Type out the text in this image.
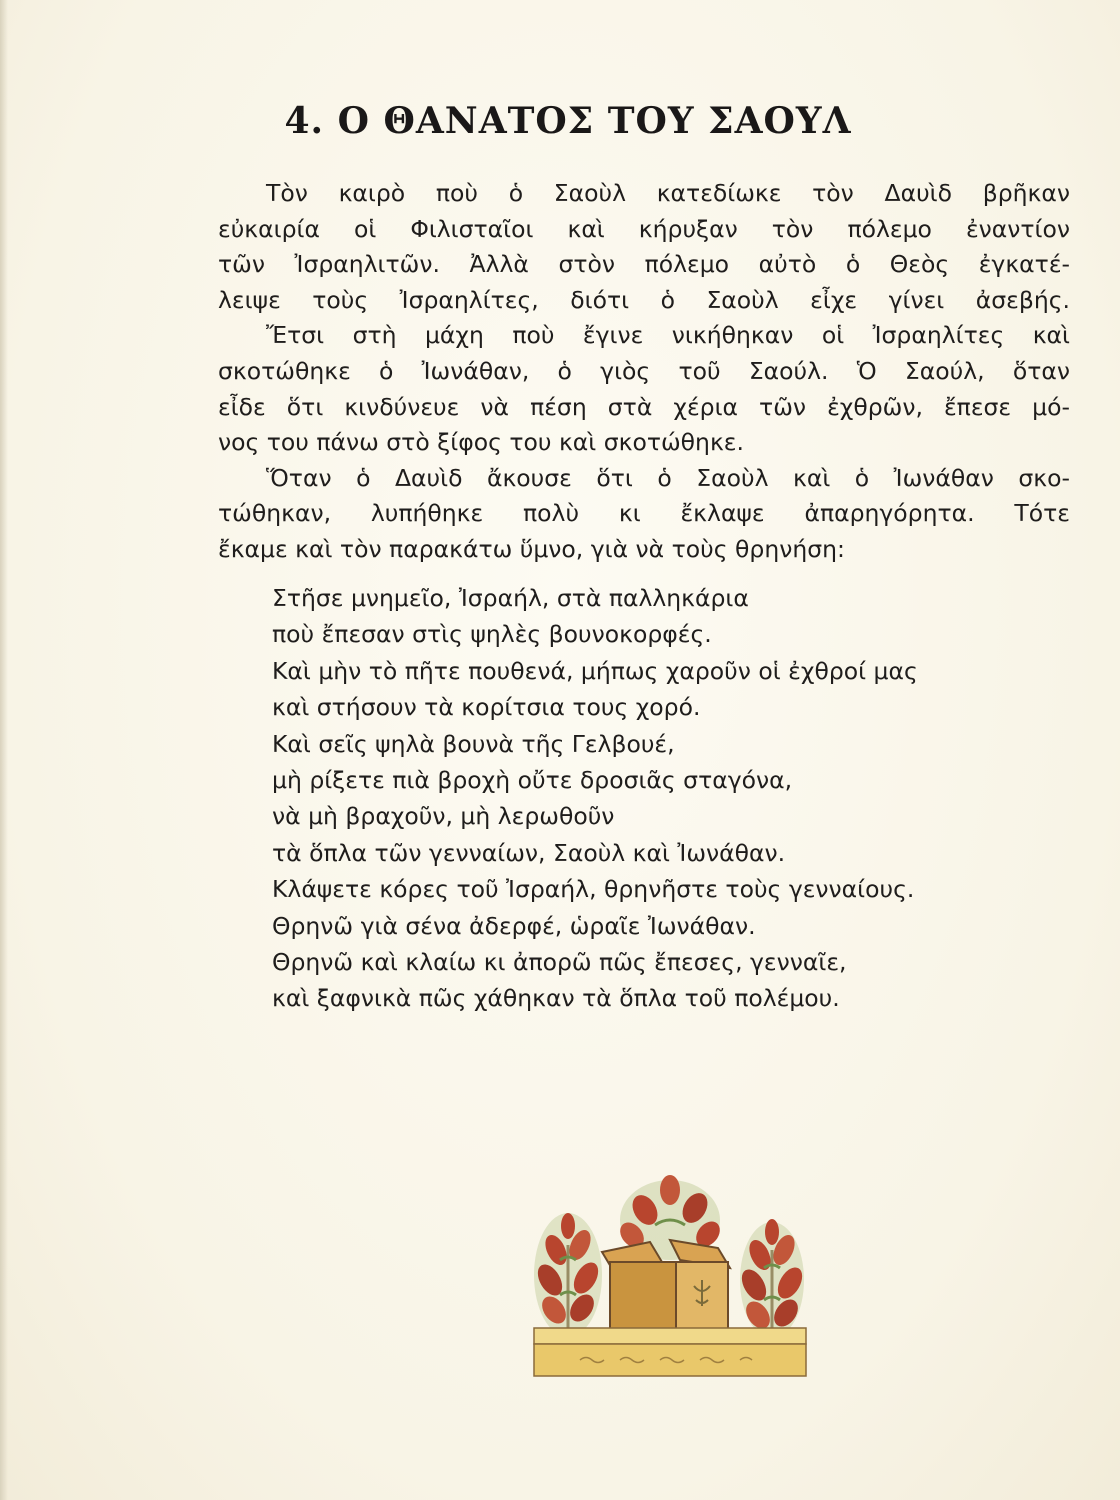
4. Ο ΘΑΝΑΤΟΣ ΤΟΥ ΣΑΟΥΛ
Τὸν καιρὸ ποὺ ὁ Σαοὺλ κατεδίωκε τὸν Δαυὶδ βρῆκαν
εὐκαιρία οἱ Φιλισταῖοι καὶ κήρυξαν τὸν πόλεμο ἐναντίον
τῶν Ἰσραηλιτῶν. Ἀλλὰ στὸν πόλεμο αὐτὸ ὁ Θεὸς ἐγκατέ-
λειψε τοὺς Ἰσραηλίτες, διότι ὁ Σαοὺλ εἶχε γίνει ἀσεβής.
Ἔτσι στὴ μάχη ποὺ ἔγινε νικήθηκαν οἱ Ἰσραηλίτες καὶ
σκοτώθηκε ὁ Ἰωνάθαν, ὁ γιὸς τοῦ Σαούλ. Ὁ Σαούλ, ὅταν
εἶδε ὅτι κινδύνευε νὰ πέση στὰ χέρια τῶν ἐχθρῶν, ἔπεσε μό-
νος του πάνω στὸ ξίφος του καὶ σκοτώθηκε.
Ὅταν ὁ Δαυὶδ ἄκουσε ὅτι ὁ Σαοὺλ καὶ ὁ Ἰωνάθαν σκο-
τώθηκαν, λυπήθηκε πολὺ κι ἔκλαψε ἀπαρηγόρητα. Τότε
ἔκαμε καὶ τὸν παρακάτω ὕμνο, γιὰ νὰ τοὺς θρηνήση:
Στῆσε μνημεῖο, Ἰσραήλ, στὰ παλληκάρια
ποὺ ἔπεσαν στὶς ψηλὲς βουνοκορφές.
Καὶ μὴν τὸ πῆτε πουθενά, μήπως χαροῦν οἱ ἐχθροί μας
καὶ στήσουν τὰ κορίτσια τους χορό.
Καὶ σεῖς ψηλὰ βουνὰ τῆς Γελβουέ,
μὴ ρίξετε πιὰ βροχὴ οὔτε δροσιᾶς σταγόνα,
νὰ μὴ βραχοῦν, μὴ λερωθοῦν
τὰ ὅπλα τῶν γενναίων, Σαοὺλ καὶ Ἰωνάθαν.
Κλάψετε κόρες τοῦ Ἰσραήλ, θρηνῆστε τοὺς γενναίους.
Θρηνῶ γιὰ σένα ἀδερφέ, ὡραῖε Ἰωνάθαν.
Θρηνῶ καὶ κλαίω κι ἀπορῶ πῶς ἔπεσες, γενναῖε,
καὶ ξαφνικὰ πῶς χάθηκαν τὰ ὅπλα τοῦ πολέμου.
